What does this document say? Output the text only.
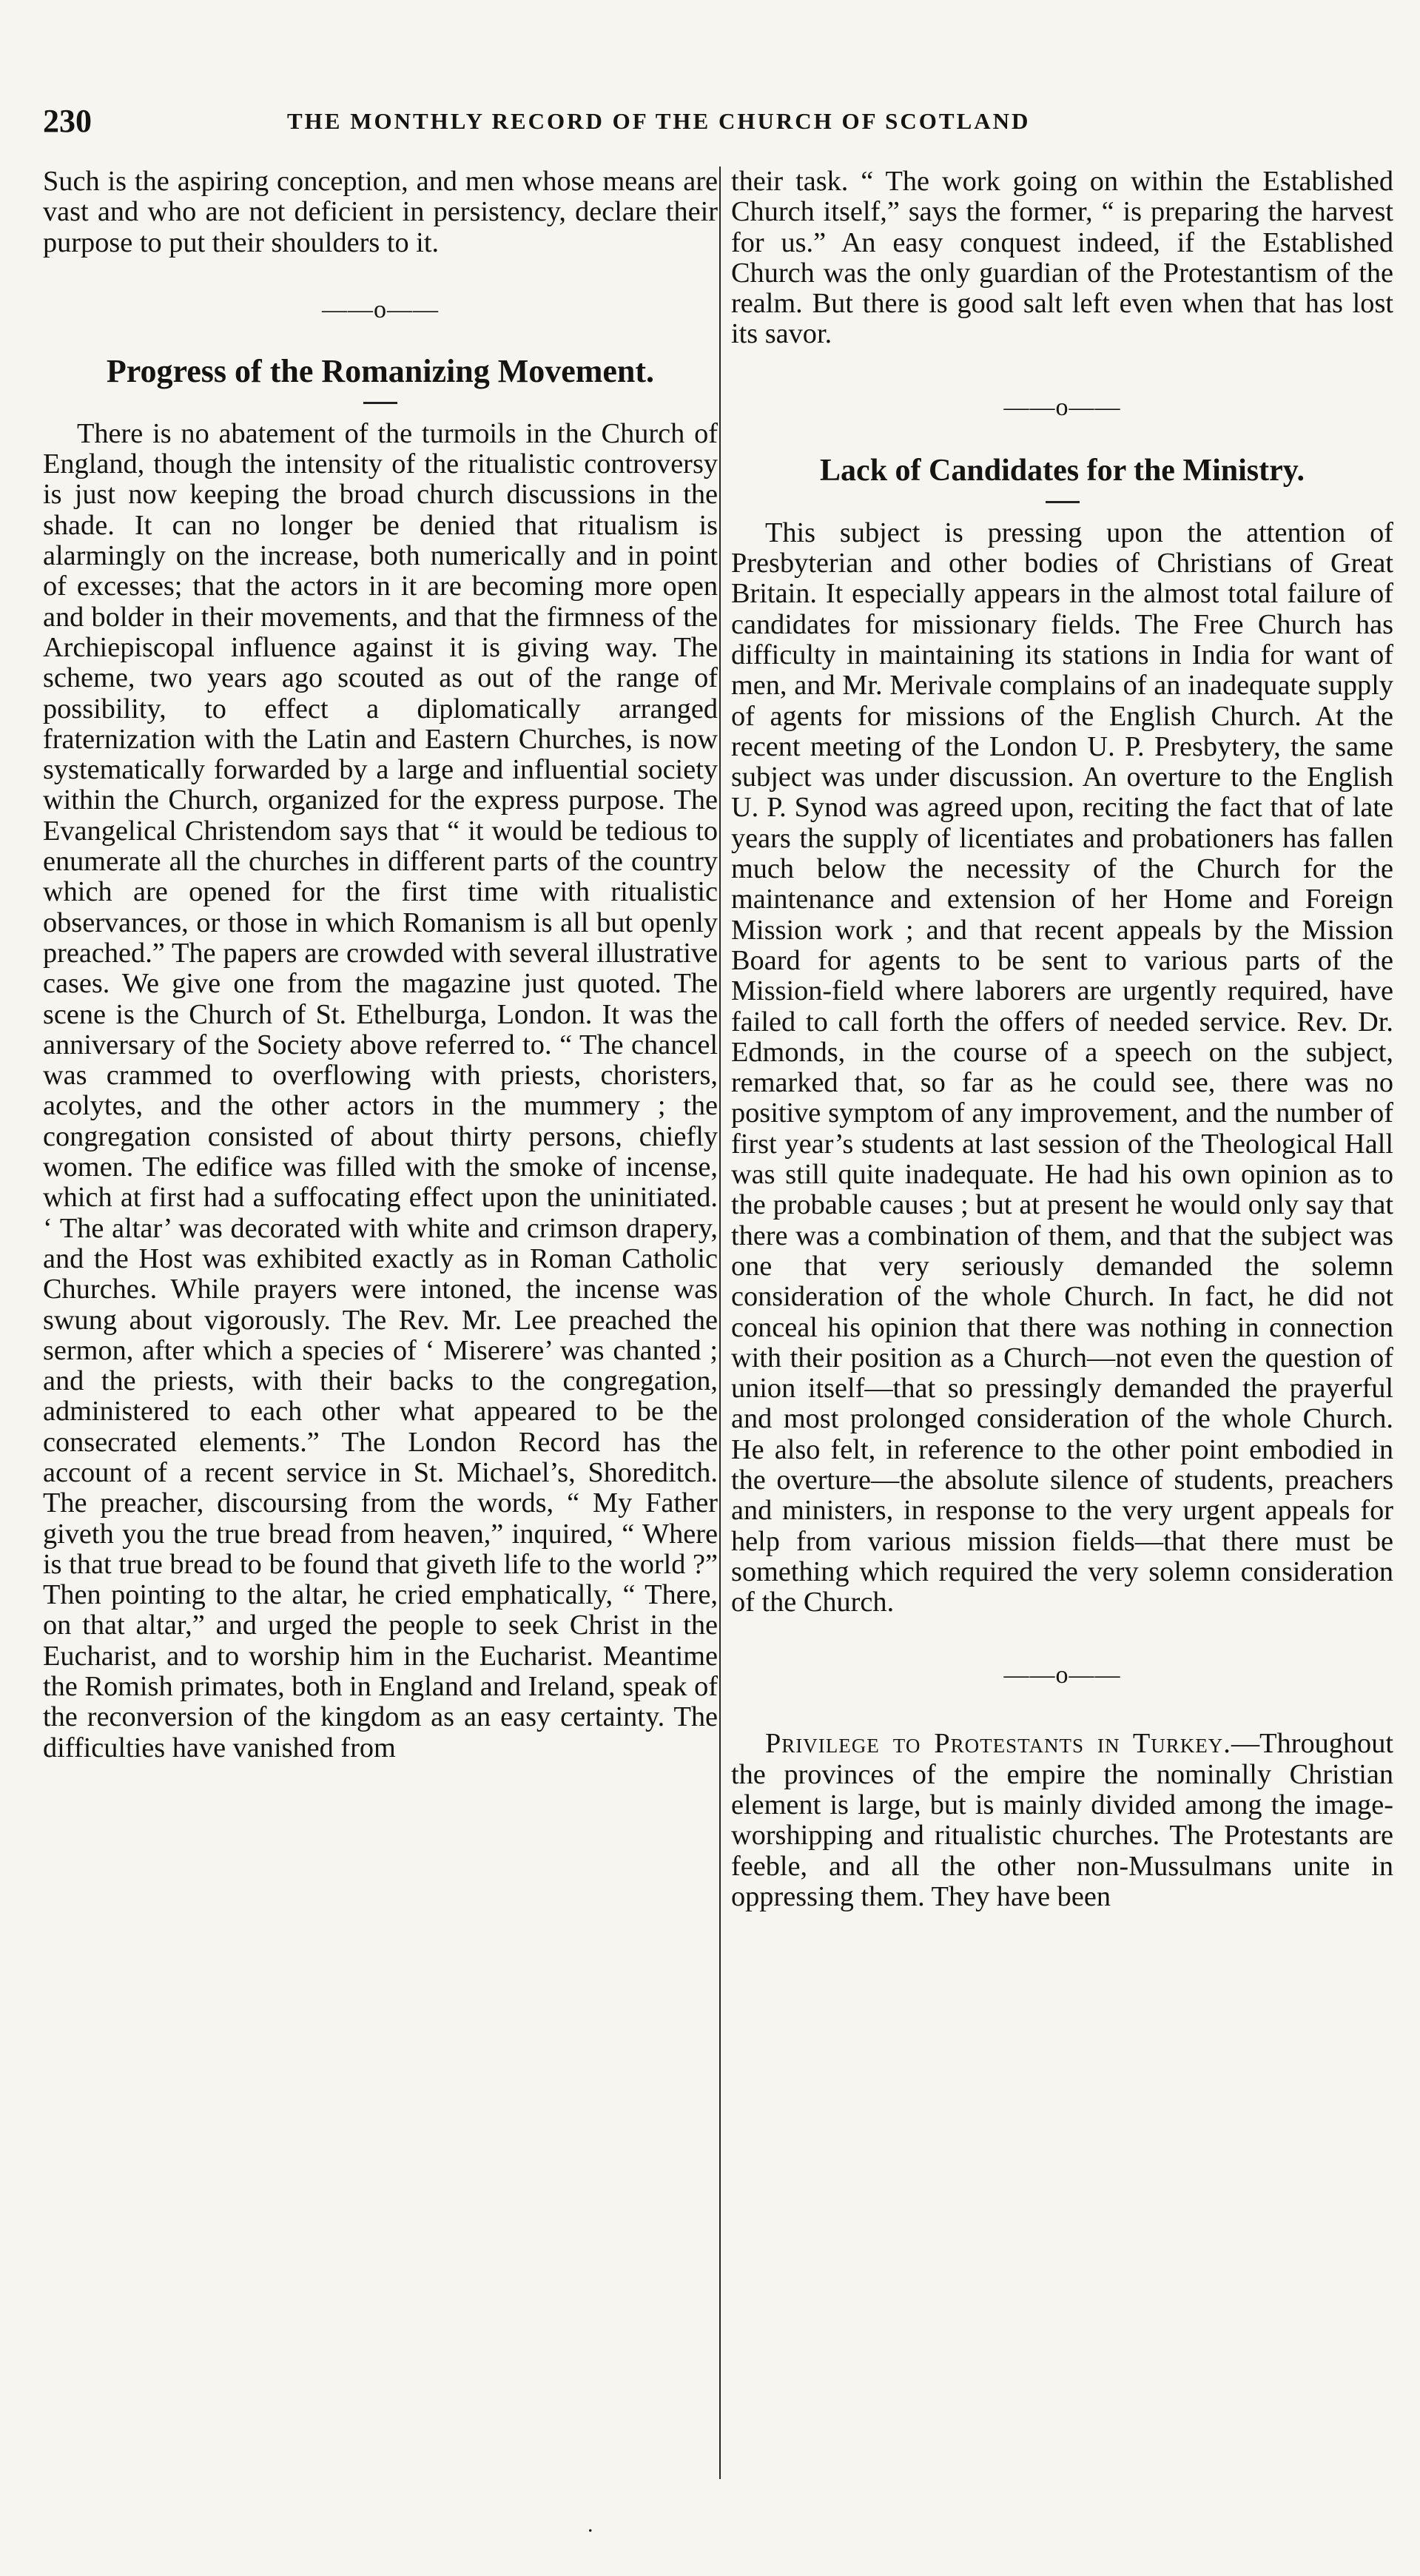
230	THE MONTHLY RECORD OF THE CHURCH OF SCOTLAND

Such is the aspiring conception, and men whose means are vast and who are not deficient in persistency, declare their purpose to put their shoulders to it.

——o——

Progress of the Romanizing Movement.

There is no abatement of the turmoils in the Church of England, though the intensity of the ritualistic controversy is just now keeping the broad church discussions in the shade. It can no longer be denied that ritualism is alarmingly on the increase, both numerically and in point of excesses; that the actors in it are becoming more open and bolder in their movements, and that the firmness of the Archiepiscopal influence against it is giving way. The scheme, two years ago scouted as out of the range of possibility, to effect a diplomatically arranged fraternization with the Latin and Eastern Churches, is now systematically forwarded by a large and influential society within the Church, organized for the express purpose. The Evangelical Christendom says that “ it would be tedious to enumerate all the churches in different parts of the country which are opened for the first time with ritualistic observances, or those in which Romanism is all but openly preached.” The papers are crowded with several illustrative cases. We give one from the magazine just quoted. The scene is the Church of St. Ethelburga, London. It was the anniversary of the Society above referred to. “ The chancel was crammed to overflowing with priests, choristers, acolytes, and the other actors in the mummery ; the congregation consisted of about thirty persons, chiefly women. The edifice was filled with the smoke of incense, which at first had a suffocating effect upon the uninitiated. ‘ The altar’ was decorated with white and crimson drapery, and the Host was exhibited exactly as in Roman Catholic Churches. While prayers were intoned, the incense was swung about vigorously. The Rev. Mr. Lee preached the sermon, after which a species of ‘ Miserere’ was chanted ; and the priests, with their backs to the congregation, administered to each other what appeared to be the consecrated elements.” The London Record has the account of a recent service in St. Michael’s, Shoreditch. The preacher, discoursing from the words, “ My Father giveth you the true bread from heaven,” inquired, “ Where is that true bread to be found that giveth life to the world ?” Then pointing to the altar, he cried emphatically, “ There, on that altar,” and urged the people to seek Christ in the Eucharist, and to worship him in the Eucharist. Meantime the Romish primates, both in England and Ireland, speak of the reconversion of the kingdom as an easy certainty. The difficulties have vanished from

their task. “ The work going on within the Established Church itself,” says the former, “ is preparing the harvest for us.” An easy conquest indeed, if the Established Church was the only guardian of the Protestantism of the realm. But there is good salt left even when that has lost its savor.

——o——

Lack of Candidates for the Ministry.

This subject is pressing upon the attention of Presbyterian and other bodies of Christians of Great Britain. It especially appears in the almost total failure of candidates for missionary fields. The Free Church has difficulty in maintaining its stations in India for want of men, and Mr. Merivale complains of an inadequate supply of agents for missions of the English Church. At the recent meeting of the London U. P. Presbytery, the same subject was under discussion. An overture to the English U. P. Synod was agreed upon, reciting the fact that of late years the supply of licentiates and probationers has fallen much below the necessity of the Church for the maintenance and extension of her Home and Foreign Mission work ; and that recent appeals by the Mission Board for agents to be sent to various parts of the Mission-field where laborers are urgently required, have failed to call forth the offers of needed service. Rev. Dr. Edmonds, in the course of a speech on the subject, remarked that, so far as he could see, there was no positive symptom of any improvement, and the number of first year’s students at last session of the Theological Hall was still quite inadequate. He had his own opinion as to the probable causes ; but at present he would only say that there was a combination of them, and that the subject was one that very seriously demanded the solemn consideration of the whole Church. In fact, he did not conceal his opinion that there was nothing in connection with their position as a Church—not even the question of union itself—that so pressingly demanded the prayerful and most prolonged consideration of the whole Church. He also felt, in reference to the other point embodied in the overture—the absolute silence of students, preachers and ministers, in response to the very urgent appeals for help from various mission fields—that there must be something which required the very solemn consideration of the Church.

——o——

Privilege to Protestants in Turkey.—Throughout the provinces of the empire the nominally Christian element is large, but is mainly divided among the image-worshipping and ritualistic churches. The Protestants are feeble, and all the other non-Mussulmans unite in oppressing them. They have been

.
